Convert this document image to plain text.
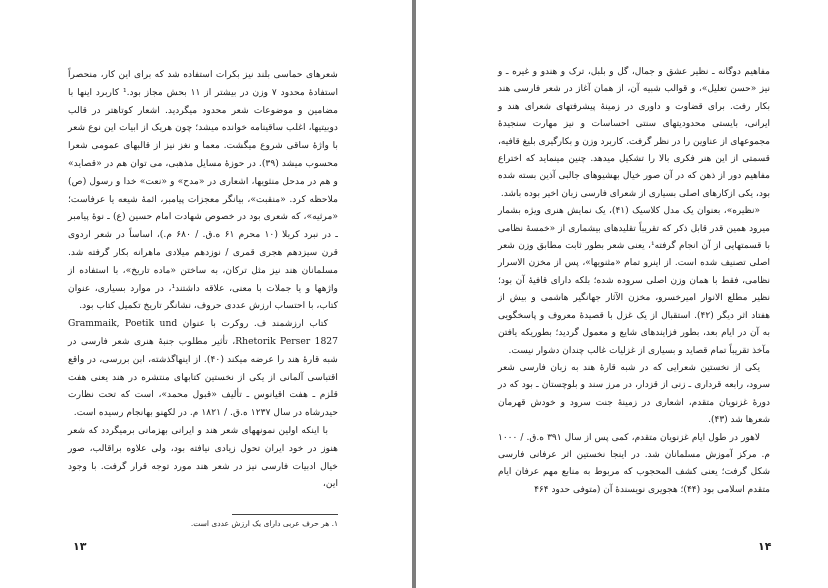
شعرهای حماسی بلند نیز بکرات استفاده شد که برای این کار، منحصراً استفادهٔ محدود ۷ وزن در بیشتر از ۱۱ بحش مجاز بود.¹ کاربرد اینها با مضامین و موضوعات شعر محدود میگردید. اشعار کوتاهتر در قالب دوبیتیها، اغلب ساقینامه خوانده میشد؛ چون هریک از ابیات این نوع شعر با واژهٔ ساقی شروع میگشت. معما و نغز نیز از قالبهای عمومی شعرا محسوب میشد (۳۹). در حوزهٔ مسایل مذهبی، می توان هم در «قصاید» و هم در مدحل منثویها، اشعاری در «مدح» و «نعت» خدا و رسول (ص) ملاحظه کرد. «منقبت»، بیانگر معجزات پیامبر، ائمهٔ شیعه یا عرفاست؛ «مرثیه»، که شعری بود در خصوص شهادت امام حسین (ع) ـ نوهٔ پیامبر ـ در نبرد کربلا (۱۰ محرم ۶۱ ه.ق. / ۶۸۰ م.)، اساساً در شعر اردوی قرن سیزدهم هجری قمری / نوزدهم میلادی ماهرانه بکار گرفته شد. مسلمانان هند نیز مثل ترکان، به ساختن «ماده تاریخ»، با استفاده از واژهها و یا جملات با معنی، علاقه داشتند¹، در موارد بسیاری، عنوان کتاب، با احتساب ارزش عددی حروف، نشانگر تاریخ تکمیل کتاب بود.

کتاب ارزشمند ف. روکرت با عنوان Grammaik, Poetik und Rhetorik Perser 1827، تأثیر مطلوب جنبهٔ هنری شعر فارسی در شبه قارهٔ هند را عرضه میکند (۴۰). از اینهاگذشته، ابن بررسی، در واقع اقتباسی آلمانی از یکی از نخستین کتابهای منتشره در هند یعنی هفت قلزم ـ هفت اقیانوس ـ تألیف «قبول محمد»، است که تحت نظارت حیدرشاه در سال ۱۲۳۷ ه.ق. / ۱۸۲۱ م. در لکهنو بهانجام رسیده است.

با اینکه اولین نمونههای شعر هند و ایرانی بهزمانی برمیگردد که شعر هنوز در خود ایران تحول زیادی نیافته بود، ولی علاوه براقالب، صور خیال ادبیات فارسی نیز در شعر هند مورد توجه قرار گرفت. با وجود این،

۱. هر حرف عربی دارای یک ارزش عددی است.
۱۳

مفاهیم دوگانه ـ نظیر عشق و جمال، گل و بلبل، ترک و هندو و غیره ـ و نیز «حسن تعلیل»، و قوالب شبیه آن، از همان آغاز در شعر فارسی هند بکار رفت. برای قضاوت و داوری در زمینهٔ پیشرفتهای شعرای هند و ایرانی، بایستی محدودیتهای سنتی احساسات و نیز مهارت سنجیدهٔ مجموعهای از عناوین را در نظر گرفت. کاربرد وزن و بکارگیری بلیغ قافیه، قسمتی از این هنر فکری بالا را تشکیل میدهد. چنین مینماید که اختراع مفاهیم دور از ذهن که در آن صور خیال بهشیوهای جالبی آذین بسته شده بود، یکی ازکارهای اصلی بسیاری از شعرای فارسی زبان اخیر بوده باشد.

«نظیره»، بعنوان یک مدل کلاسیک (۴۱)، یک نمایش هنری ویژه بشمار میرود همین قدر قابل ذکر که تقریباً تقلیدهای بیشماری از «خمسهٔ نظامی با قسمتهایی از آن انجام گرفته¹، یعنی شعر بطور ثابت مطابق وزن شعر اصلی تصنیف شده است. از اینرو تمام «مثنویها»، پس از مخزن الاسرار نظامی، فقط با همان وزن اصلی سروده شده؛ بلکه دارای قافیهٔ آن بود؛ نظیر مطلع الانوار امیرخسرو، مخزن الآثار جهانگیر هاشمی و بیش از هفتاد اثر دیگر (۴۲). استقبال از یک غزل با قصیدهٔ معروف و پاسخگویی به آن در ایام بعد، بطور فزایندهای شایع و معمول گردید؛ بطوریکه یافتن مآخذ تقریباً تمام قصاید و بسیاری از غزلیات غالب چندان دشوار نیست.

یکی از نخستین شعرایی که در شبه قارهٔ هند به زبان فارسی شعر سرود، رابعه قرداری ـ زنی از قزدار، در مرز سند و بلوچستان ـ بود که در دورهٔ غزنویان متقدم، اشعاری در زمینهٔ جنت سرود و خودش قهرمان شعرها شد (۴۳).

لاهور در طول ایام غزنویان متقدم، کمی پس از سال ۳۹۱ ه.ق. / ۱۰۰۰ م. مرکز آموزش مسلمانان شد. در اینجا نخستین اثر عرفانی فارسی شکل گرفت؛ یعنی کشف المحجوب که مربوط به منابع مهم عرفان ایام متقدم اسلامی بود (۴۴)؛ هجویری نویسندهٔ آن (متوفی حدود ۴۶۴

۱۴
